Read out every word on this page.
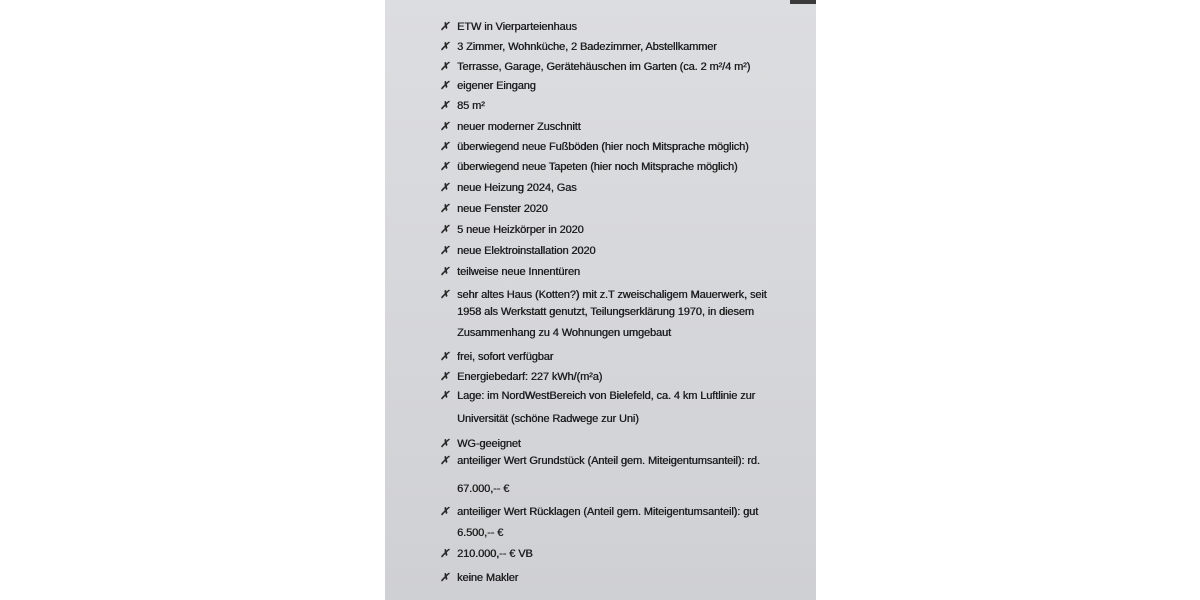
✗ ETW in Vierparteienhaus
✗ 3 Zimmer, Wohnküche, 2 Badezimmer, Abstellkammer
✗ Terrasse, Garage, Gerätehäuschen im Garten (ca. 2 m²/4 m²)
✗ eigener Eingang
✗ 85 m²
✗ neuer moderner Zuschnitt
✗ überwiegend neue Fußböden (hier noch Mitsprache möglich)
✗ überwiegend neue Tapeten (hier noch Mitsprache möglich)
✗ neue Heizung 2024, Gas
✗ neue Fenster 2020
✗ 5 neue Heizkörper in 2020
✗ neue Elektroinstallation 2020
✗ teilweise neue Innentüren
✗ sehr altes Haus (Kotten?) mit z.T zweischaligem Mauerwerk, seit
1958 als Werkstatt genutzt, Teilungserklärung 1970, in diesem
Zusammenhang zu 4 Wohnungen umgebaut
✗ frei, sofort verfügbar
✗ Energiebedarf: 227 kWh/(m²a)
✗ Lage: im NordWestBereich von Bielefeld, ca. 4 km Luftlinie zur
Universität (schöne Radwege zur Uni)
✗ WG-geeignet
✗ anteiliger Wert Grundstück (Anteil gem. Miteigentumsanteil): rd.
67.000,-- €
✗ anteiliger Wert Rücklagen (Anteil gem. Miteigentumsanteil): gut
6.500,-- €
✗ 210.000,-- € VB
✗ keine Makler
